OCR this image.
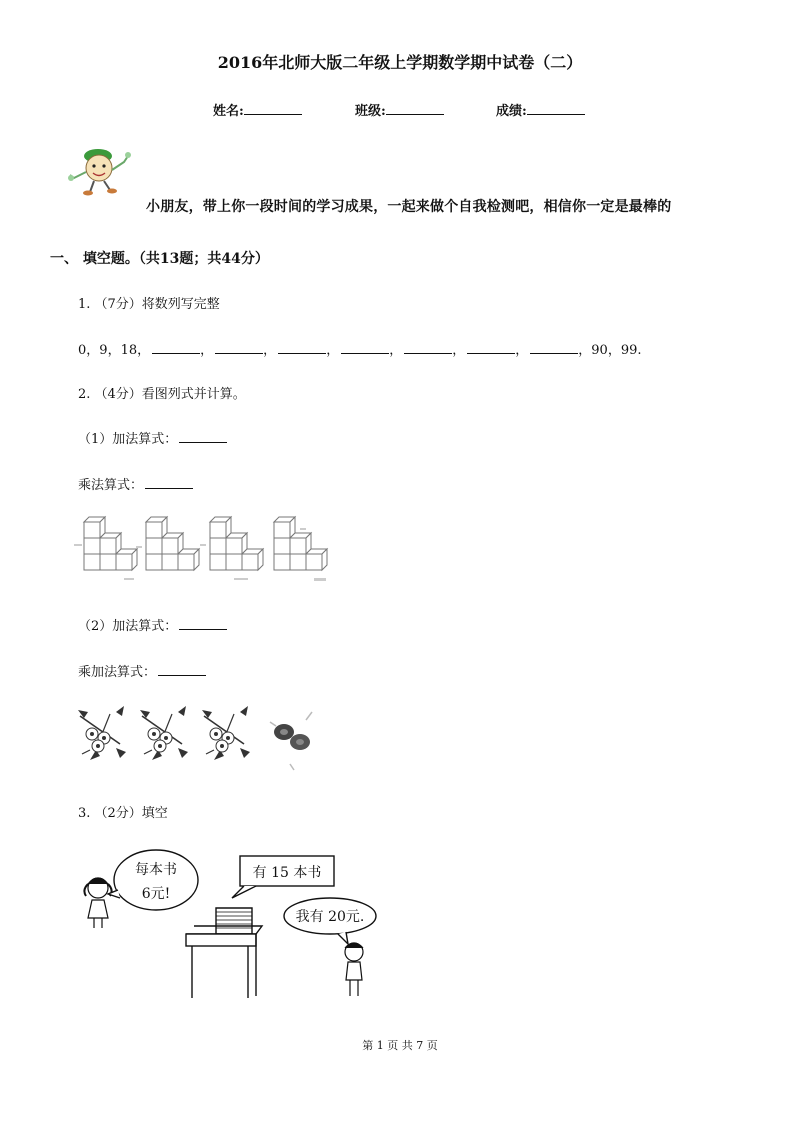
2016年北师大版二年级上学期数学期中试卷（二）
姓名:	班级:	成绩:
小朋友，带上你一段时间的学习成果，一起来做个自我检测吧，相信你一定是最棒的
一、 填空题。（共13题；共44分）
1. （7分）将数列写完整
0，9，18，	，	，	，	，	，	，	，90，99.
2. （4分）看图列式并计算。
（1）加法算式：
乘法算式：
（2）加法算式：
乘加法算式：
3. （2分）填空
每本书
6元!
有 15 本书
我有 20元.
第 1 页 共 7 页
